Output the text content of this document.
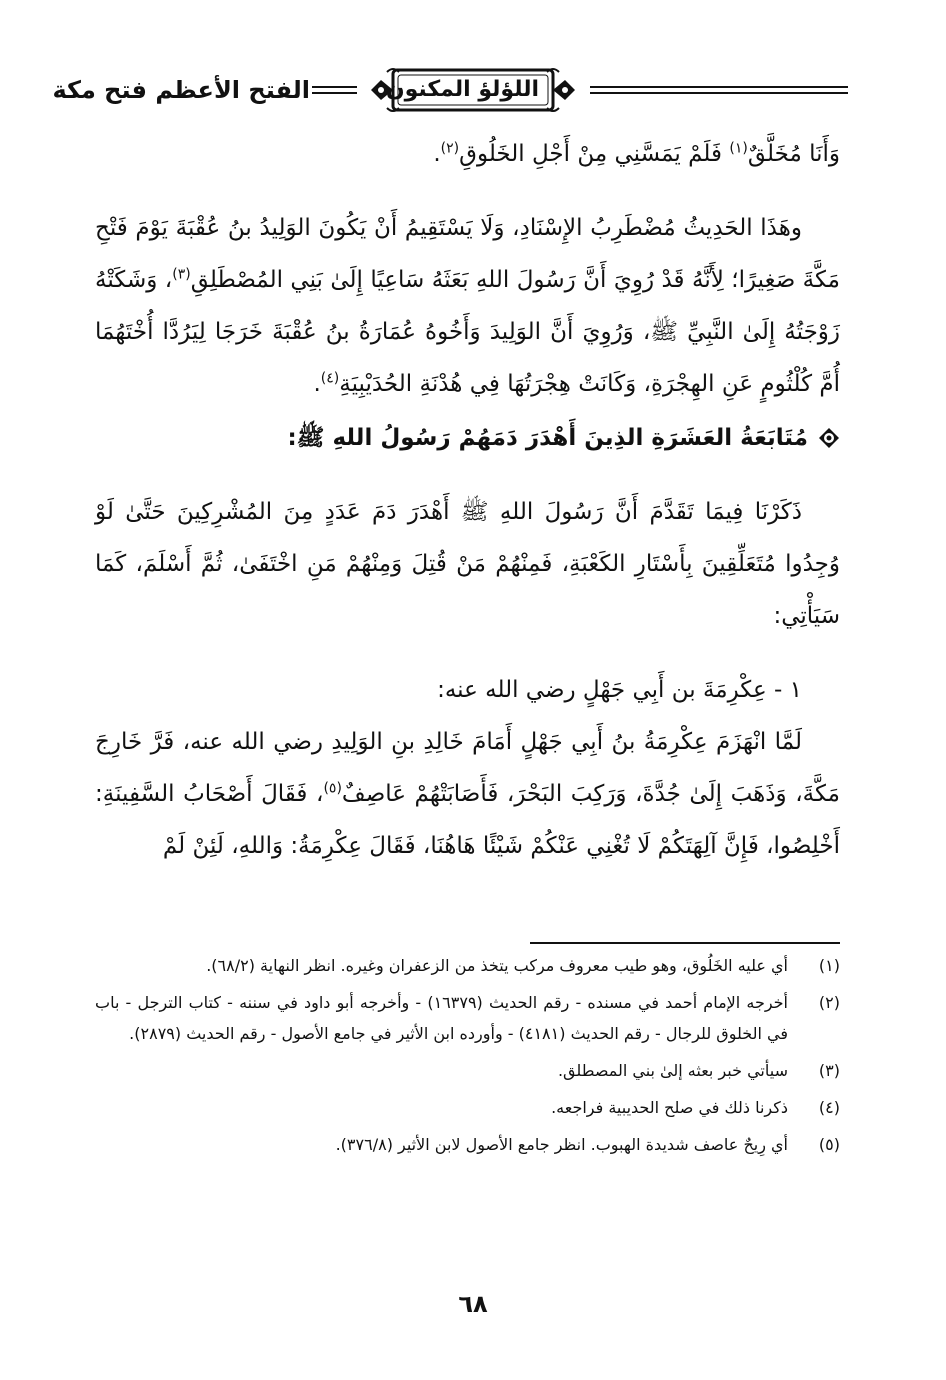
الفتح الأعظم فتح مكة	اللؤلؤ المكنون

وَأَنَا مُخَلَّقٌ$^{(١)}$ فَلَمْ يَمَسَّنِي مِنْ أَجْلِ الخَلُوقِ$^{(٢)}$.

وهَذَا الحَدِيثُ مُضْطَرِبُ الإِسْنَادِ، وَلَا يَسْتَقِيمُ أَنْ يَكُونَ الوَلِيدُ بنُ عُقْبَةَ يَوْمَ فَتْحِ مَكَّةَ صَغِيرًا؛ لِأَنَّهُ قَدْ رُوِيَ أَنَّ رَسُولَ اللهِ بَعَثَهُ سَاعِيًا إِلَىٰ بَنِي المُصْطَلِقِ$^{(٣)}$، وَشَكَتْهُ زَوْجَتُهُ إِلَىٰ النَّبِيِّ ﷺ، وَرُوِيَ أَنَّ الوَلِيدَ وَأَخُوهُ عُمَارَةُ بنُ عُقْبَةَ خَرَجَا لِيَرُدَّا أُخْتَهُمَا أُمَّ كُلْثُومٍ عَنِ الهِجْرَةِ، وَكَانَتْ هِجْرَتُهَا فِي هُدْنَةِ الحُدَيْبِيَةِ$^{(٤)}$.

مُتَابَعَةُ العَشَرَةِ الذِينَ أَهْدَرَ دَمَهُمْ رَسُولُ اللهِ ﷺ:

ذَكَرْنَا فِيمَا تَقَدَّمَ أَنَّ رَسُولَ اللهِ ﷺ أَهْدَرَ دَمَ عَدَدٍ مِنَ المُشْرِكِينَ حَتَّىٰ لَوْ وُجِدُوا مُتَعَلِّقِينَ بِأَسْتَارِ الكَعْبَةِ، فَمِنْهُمْ مَنْ قُتِلَ وَمِنْهُمْ مَنِ اخْتَفَىٰ، ثُمَّ أَسْلَمَ، كَمَا سَيَأْتِي:

١ - عِكْرِمَةَ بن أَبِي جَهْلٍ رضي الله عنه:

لَمَّا انْهَزَمَ عِكْرِمَةُ بنُ أَبِي جَهْلٍ أَمَامَ خَالِدِ بنِ الوَلِيدِ رضي الله عنه، فَرَّ خَارِجَ مَكَّةَ، وَذَهَبَ إِلَىٰ جُدَّةَ، وَرَكِبَ البَحْرَ، فَأَصَابَتْهُمْ عَاصِفٌ$^{(٥)}$، فَقَالَ أَصْحَابُ السَّفِينَةِ: أَخْلِصُوا، فَإِنَّ آلِهَتَكُمْ لَا تُغْنِي عَنْكُمْ شَيْئًا هَاهُنَا، فَقَالَ عِكْرِمَةُ: وَاللهِ، لَئِنْ لَمْ

(١)
أي عليه الخَلُوق، وهو طيب معروف مركب يتخذ من الزعفران وغيره. انظر النهاية (٦٨/٢).
(٢)
أخرجه الإمام أحمد في مسنده - رقم الحديث (١٦٣٧٩) - وأخرجه أبو داود في سننه - كتاب الترجل - باب في الخلوق للرجال - رقم الحديث (٤١٨١) - وأورده ابن الأثير في جامع الأصول - رقم الحديث (٢٨٧٩).
(٣)
سيأتي خبر بعثه إلىٰ بني المصطلق.
(٤)
ذكرنا ذلك في صلح الحديبية فراجعه.
(٥)
أي رِيحٌ عاصف شديدة الهبوب. انظر جامع الأصول لابن الأثير (٣٧٦/٨).
٦٨
